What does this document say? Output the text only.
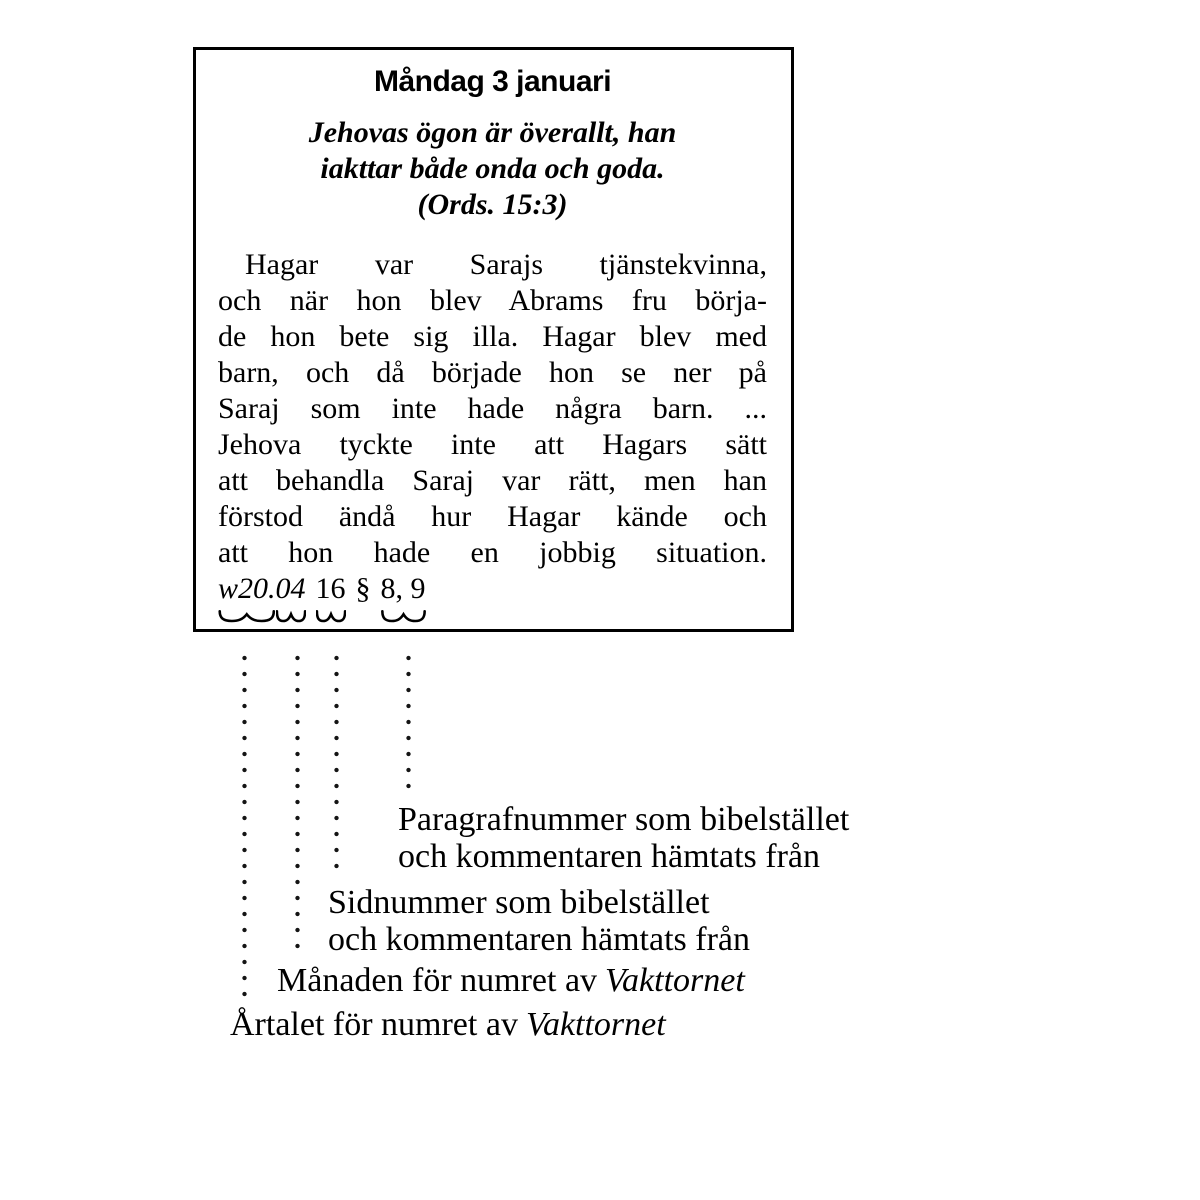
Måndag 3 januari
Jehovas ögon är överallt, han
iakttar både onda och goda.
(Ords. 15:3)
Hagar var Sarajs tjänstekvinna,
och när hon blev Abrams fru börja-
de hon bete sig illa. Hagar blev med
barn, och då började hon se ner på
Saraj som inte hade några barn. ...
Jehova tyckte inte att Hagars sätt
att behandla Saraj var rätt, men han
förstod ändå hur Hagar kände och
att hon hade en jobbig situation.
w20.
04 16 § 8, 9
Paragrafnummer som bibelstället
och kommentaren hämtats från
Sidnummer som bibelstället
och kommentaren hämtats från
Månaden för numret av Vakttornet
Årtalet för numret av Vakttornet
